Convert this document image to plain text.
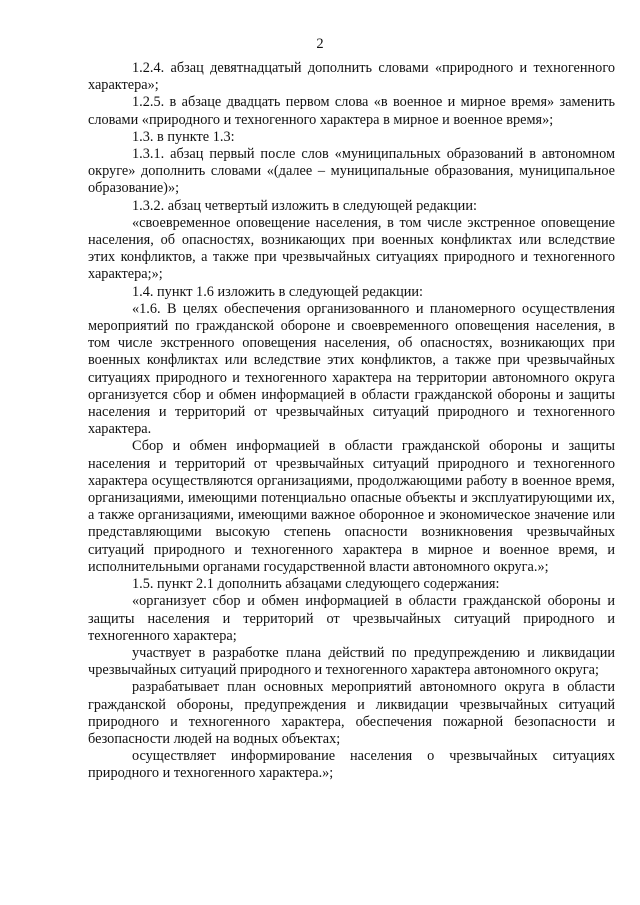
2

1.2.4. абзац девятнадцатый дополнить словами «природного и техногенного характера»;

1.2.5. в абзаце двадцать первом слова «в военное и мирное время» заменить словами «природного и техногенного характера в мирное и военное время»;

1.3. в пункте 1.3:

1.3.1. абзац первый после слов «муниципальных образований в автономном округе» дополнить словами «(далее – муниципальные образования, муниципальное образование)»;

1.3.2. абзац четвертый изложить в следующей редакции:

«своевременное оповещение населения, в том числе экстренное оповещение населения, об опасностях, возникающих при военных конфликтах или вследствие этих конфликтов, а также при чрезвычайных ситуациях природного и техногенного характера;»;

1.4. пункт 1.6 изложить в следующей редакции:

«1.6. В целях обеспечения организованного и планомерного осуществления мероприятий по гражданской обороне и своевременного оповещения населения, в том числе экстренного оповещения населения, об опасностях, возникающих при военных конфликтах или вследствие этих конфликтов, а также при чрезвычайных ситуациях природного и техногенного характера на территории автономного округа организуется сбор и обмен информацией в области гражданской обороны и защиты населения и территорий от чрезвычайных ситуаций природного и техногенного характера.

Сбор и обмен информацией в области гражданской обороны и защиты населения и территорий от чрезвычайных ситуаций природного и техногенного характера осуществляются организациями, продолжающими работу в военное время, организациями, имеющими потенциально опасные объекты и эксплуатирующими их, а также организациями, имеющими важное оборонное и экономическое значение или представляющими высокую степень опасности возникновения чрезвычайных ситуаций природного и техногенного характера в мирное и военное время, и исполнительными органами государственной власти автономного округа.»;

1.5. пункт 2.1 дополнить абзацами следующего содержания:

«организует сбор и обмен информацией в области гражданской обороны и защиты населения и территорий от чрезвычайных ситуаций природного и техногенного характера;

участвует в разработке плана действий по предупреждению и ликвидации чрезвычайных ситуаций природного и техногенного характера автономного округа;

разрабатывает план основных мероприятий автономного округа в области гражданской обороны, предупреждения и ликвидации чрезвычайных ситуаций природного и техногенного характера, обеспечения пожарной безопасности и безопасности людей на водных объектах;

осуществляет информирование населения о чрезвычайных ситуациях природного и техногенного характера.»;
